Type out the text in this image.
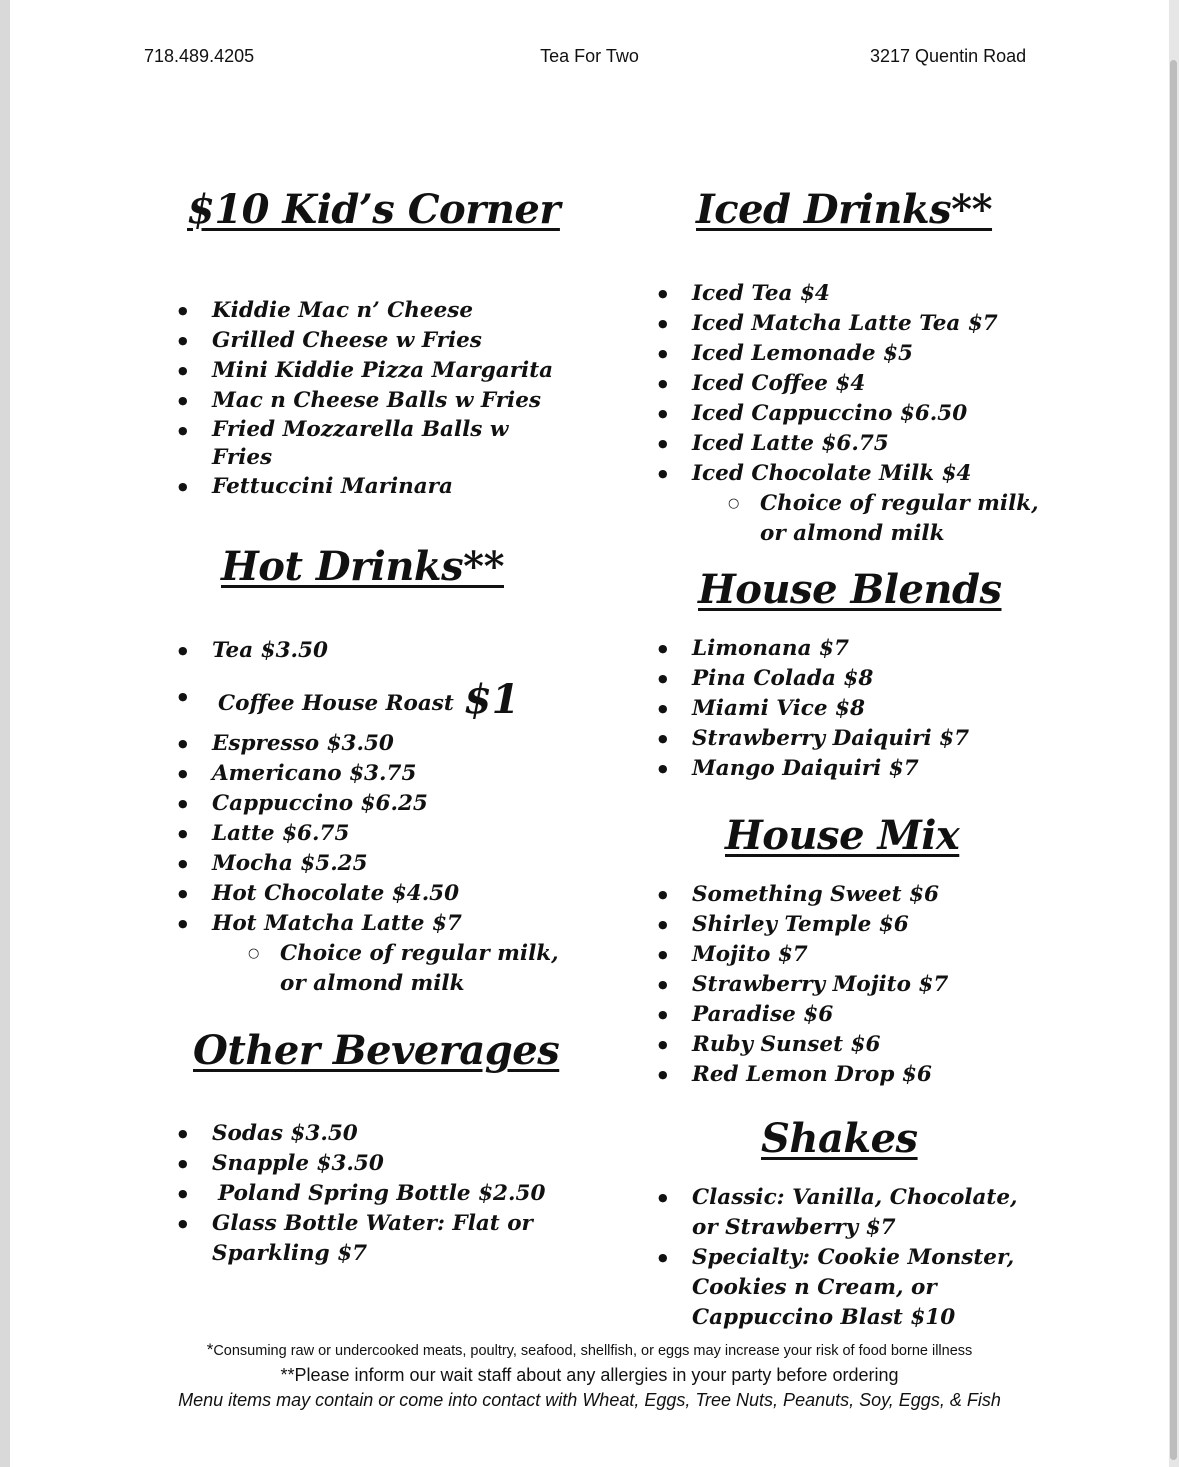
718.489.4205	Tea For Two	3217 Quentin Road
$10 Kid’s Corner
● Kiddie Mac n’ Cheese
● Grilled Cheese w Fries
● Mini Kiddie Pizza Margarita
● Mac n Cheese Balls w Fries
● Fried Mozzarella Balls w Fries
● Fettuccini Marinara
Hot Drinks**
● Tea $3.50
● Coffee House Roast $1
● Espresso $3.50
● Americano $3.75
● Cappuccino $6.25
● Latte $6.75
● Mocha $5.25
● Hot Chocolate $4.50
● Hot Matcha Latte $7
○ Choice of regular milk, or almond milk
Other Beverages
● Sodas $3.50
● Snapple $3.50
● Poland Spring Bottle $2.50
● Glass Bottle Water: Flat or Sparkling $7
Iced Drinks**
● Iced Tea $4
● Iced Matcha Latte Tea $7
● Iced Lemonade $5
● Iced Coffee $4
● Iced Cappuccino $6.50
● Iced Latte $6.75
● Iced Chocolate Milk $4
○ Choice of regular milk, or almond milk
House Blends
● Limonana $7
● Pina Colada $8
● Miami Vice $8
● Strawberry Daiquiri $7
● Mango Daiquiri $7
House Mix
● Something Sweet $6
● Shirley Temple $6
● Mojito $7
● Strawberry Mojito $7
● Paradise $6
● Ruby Sunset $6
● Red Lemon Drop $6
Shakes
● Classic: Vanilla, Chocolate, or Strawberry $7
● Specialty: Cookie Monster, Cookies n Cream, or Cappuccino Blast $10
*Consuming raw or undercooked meats, poultry, seafood, shellfish, or eggs may increase your risk of food borne illness
**Please inform our wait staff about any allergies in your party before ordering
Menu items may contain or come into contact with Wheat, Eggs, Tree Nuts, Peanuts, Soy, Eggs, & Fish
